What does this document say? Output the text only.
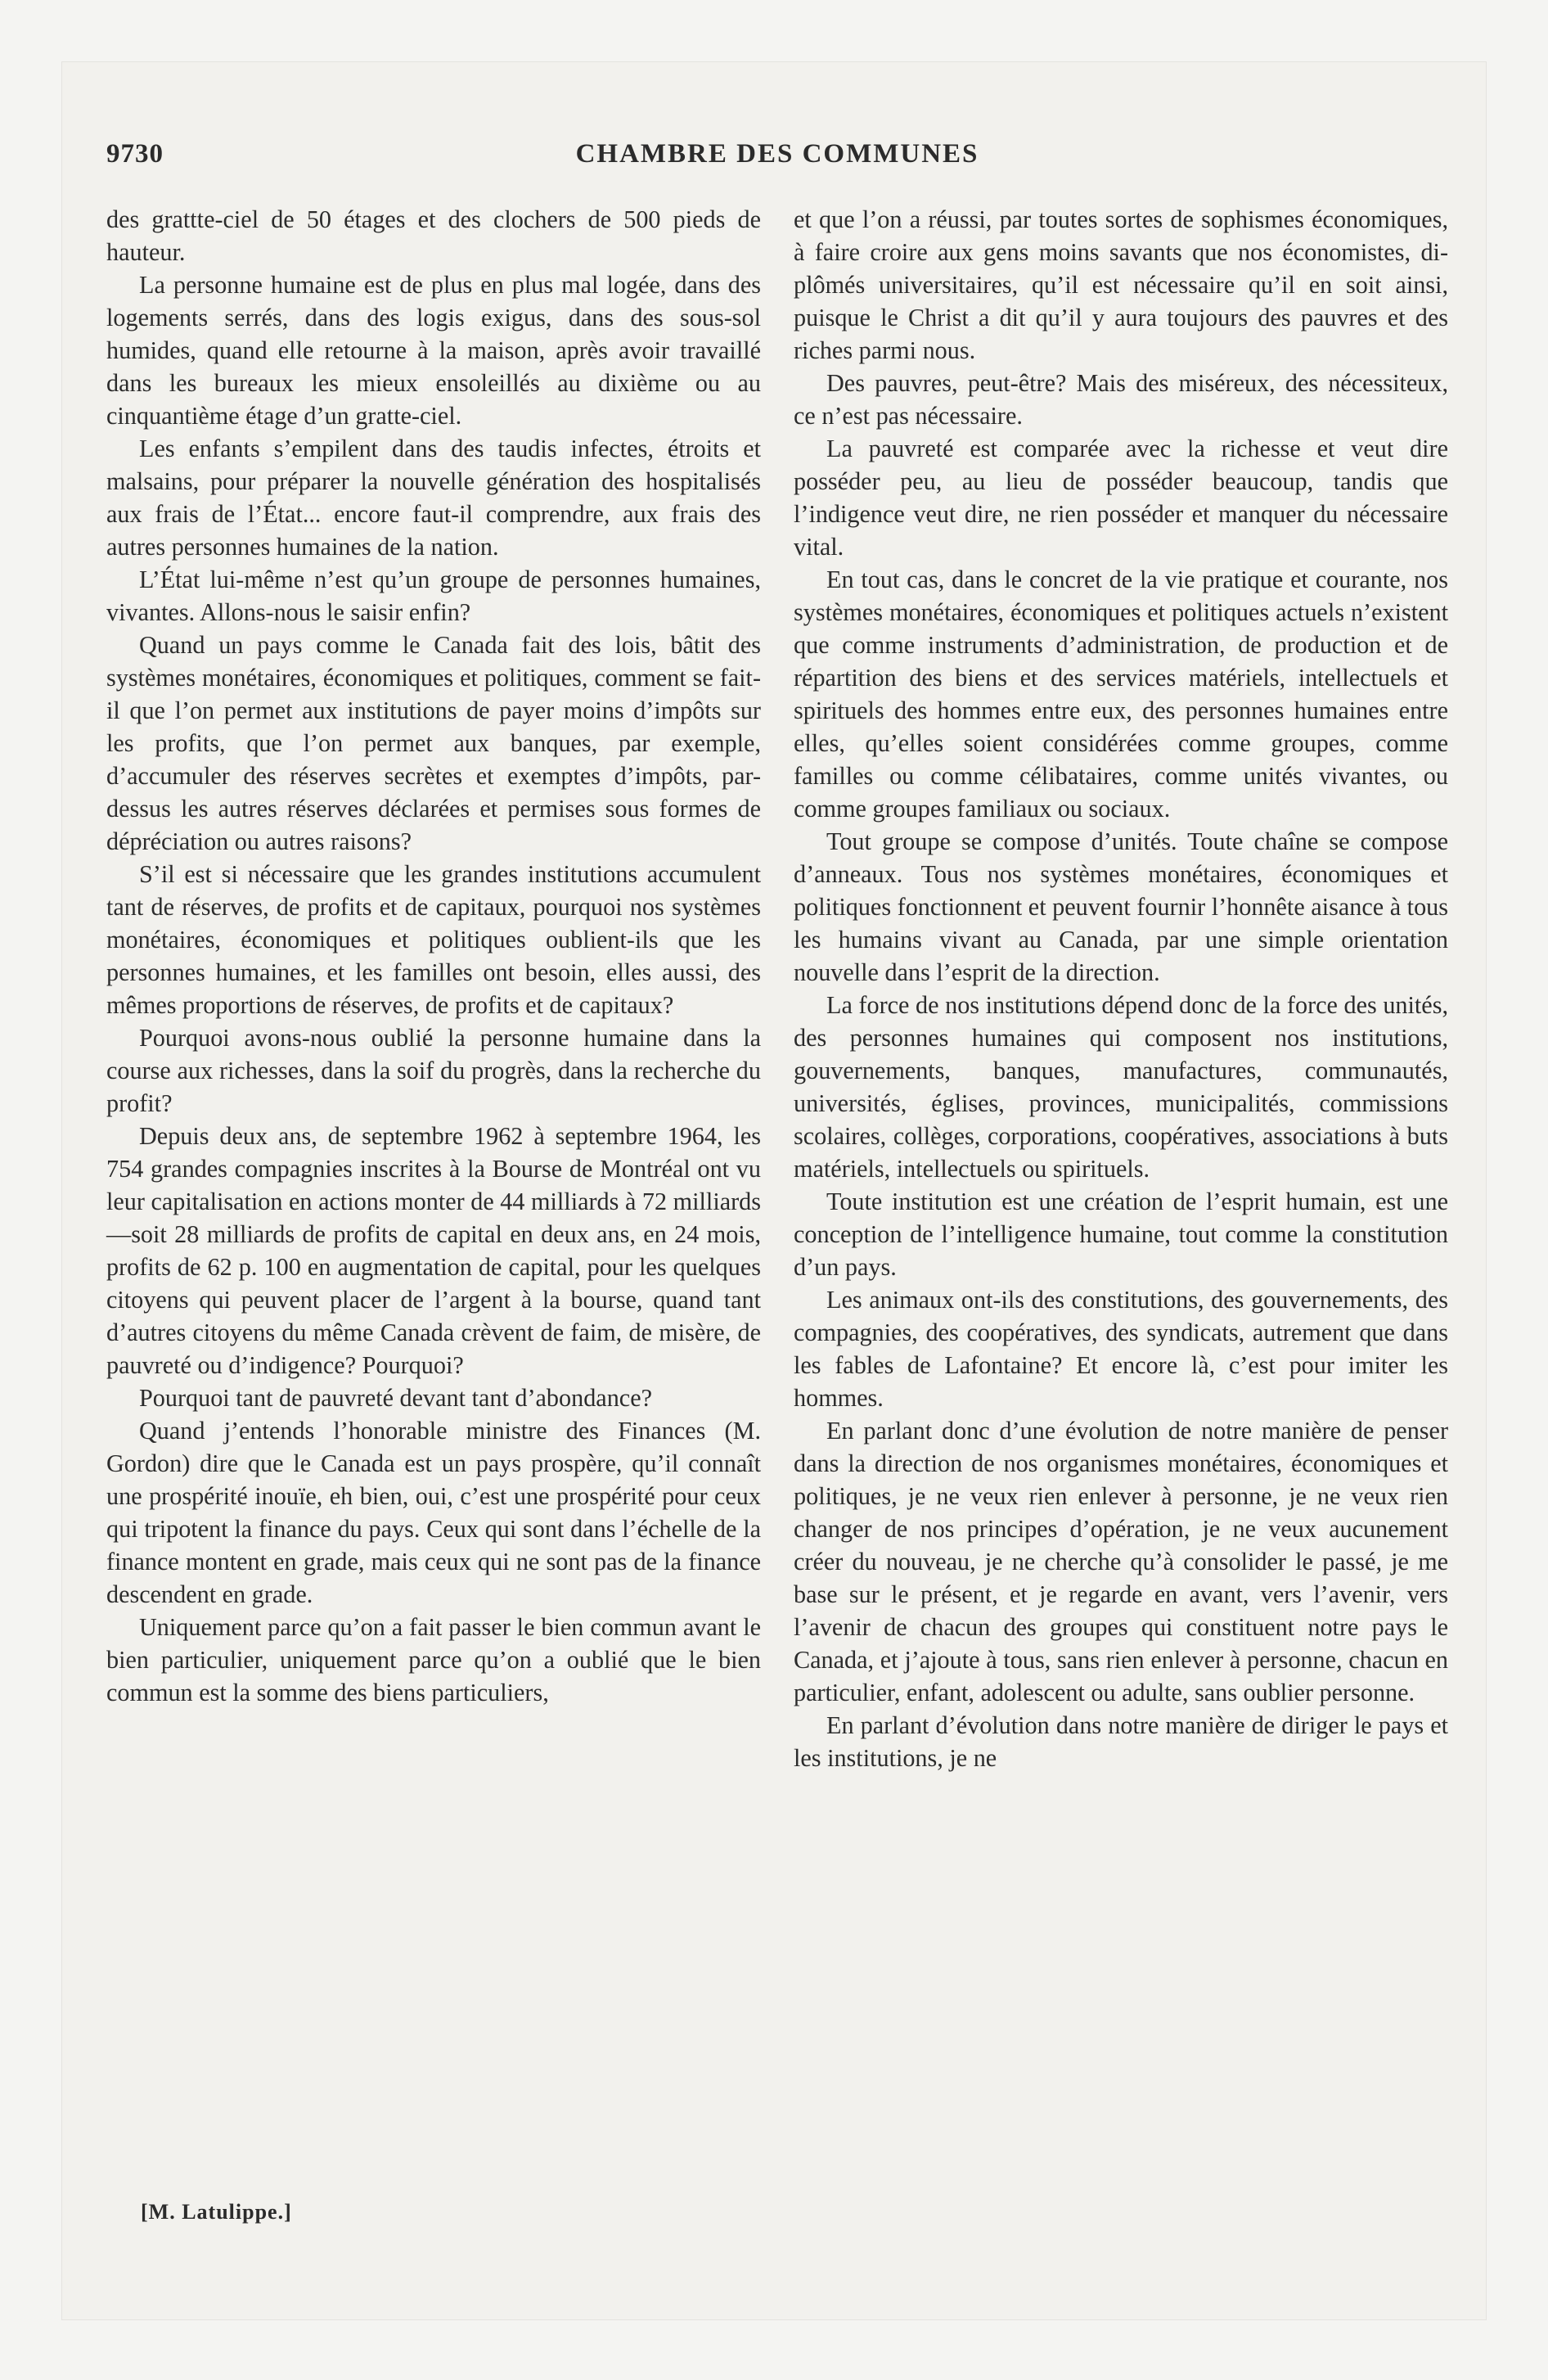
9730	CHAMBRE DES COMMUNES

des grattte-ciel de 50 étages et des clochers de 500 pieds de hauteur.

La personne humaine est de plus en plus mal logée, dans des logements serrés, dans des logis exigus, dans des sous-sol humides, quand elle retourne à la maison, après avoir travaillé dans les bureaux les mieux ensoleillés au dixième ou au cinquantième étage d’un gratte-ciel.

Les enfants s’empilent dans des taudis infectes, étroits et malsains, pour préparer la nouvelle génération des hospitalisés aux frais de l’État... encore faut-il comprendre, aux frais des autres personnes humaines de la nation.

L’État lui-même n’est qu’un groupe de personnes humaines, vivantes. Allons-nous le saisir enfin?

Quand un pays comme le Canada fait des lois, bâtit des systèmes monétaires, économiques et politiques, comment se fait-il que l’on permet aux institutions de payer moins d’impôts sur les profits, que l’on permet aux banques, par exemple, d’accumuler des réserves secrètes et exemptes d’impôts, par-dessus les autres réserves déclarées et permises sous formes de dépréciation ou autres raisons?

S’il est si nécessaire que les grandes institutions accumulent tant de réserves, de profits et de capitaux, pourquoi nos systèmes monétaires, économiques et politiques oublient-ils que les personnes humaines, et les familles ont besoin, elles aussi, des mêmes proportions de réserves, de profits et de capitaux?

Pourquoi avons-nous oublié la personne humaine dans la course aux richesses, dans la soif du progrès, dans la recherche du profit?

Depuis deux ans, de septembre 1962 à septembre 1964, les 754 grandes compagnies inscrites à la Bourse de Montréal ont vu leur capitalisation en actions monter de 44 milliards à 72 milliards—soit 28 milliards de profits de capital en deux ans, en 24 mois, profits de 62 p. 100 en augmentation de capital, pour les quelques citoyens qui peuvent placer de l’argent à la bourse, quand tant d’autres citoyens du même Canada crèvent de faim, de misère, de pauvreté ou d’indigence? Pourquoi?

Pourquoi tant de pauvreté devant tant d’abondance?

Quand j’entends l’honorable ministre des Finances (M. Gordon) dire que le Canada est un pays prospère, qu’il connaît une prospérité inouïe, eh bien, oui, c’est une prospérité pour ceux qui tripotent la finance du pays. Ceux qui sont dans l’échelle de la finance montent en grade, mais ceux qui ne sont pas de la finance descendent en grade.

Uniquement parce qu’on a fait passer le bien commun avant le bien particulier, uniquement parce qu’on a oublié que le bien commun est la somme des biens particuliers,

et que l’on a réussi, par toutes sortes de sophismes économiques, à faire croire aux gens moins savants que nos économistes, diplômés universitaires, qu’il est nécessaire qu’il en soit ainsi, puisque le Christ a dit qu’il y aura toujours des pauvres et des riches parmi nous.

Des pauvres, peut-être? Mais des miséreux, des nécessiteux, ce n’est pas nécessaire.

La pauvreté est comparée avec la richesse et veut dire posséder peu, au lieu de posséder beaucoup, tandis que l’indigence veut dire, ne rien posséder et manquer du nécessaire vital.

En tout cas, dans le concret de la vie pratique et courante, nos systèmes monétaires, économiques et politiques actuels n’existent que comme instruments d’administration, de production et de répartition des biens et des services matériels, intellectuels et spirituels des hommes entre eux, des personnes humaines entre elles, qu’elles soient considérées comme groupes, comme familles ou comme célibataires, comme unités vivantes, ou comme groupes familiaux ou sociaux.

Tout groupe se compose d’unités. Toute chaîne se compose d’anneaux. Tous nos systèmes monétaires, économiques et politiques fonctionnent et peuvent fournir l’honnête aisance à tous les humains vivant au Canada, par une simple orientation nouvelle dans l’esprit de la direction.

La force de nos institutions dépend donc de la force des unités, des personnes humaines qui composent nos institutions, gouvernements, banques, manufactures, communautés, universités, églises, provinces, municipalités, commissions scolaires, collèges, corporations, coopératives, associations à buts matériels, intellectuels ou spirituels.

Toute institution est une création de l’esprit humain, est une conception de l’intelligence humaine, tout comme la constitution d’un pays.

Les animaux ont-ils des constitutions, des gouvernements, des compagnies, des coopératives, des syndicats, autrement que dans les fables de Lafontaine? Et encore là, c’est pour imiter les hommes.

En parlant donc d’une évolution de notre manière de penser dans la direction de nos organismes monétaires, économiques et politiques, je ne veux rien enlever à personne, je ne veux rien changer de nos principes d’opération, je ne veux aucunement créer du nouveau, je ne cherche qu’à consolider le passé, je me base sur le présent, et je regarde en avant, vers l’avenir, vers l’avenir de chacun des groupes qui constituent notre pays le Canada, et j’ajoute à tous, sans rien enlever à personne, chacun en particulier, enfant, adolescent ou adulte, sans oublier personne.

En parlant d’évolution dans notre manière de diriger le pays et les institutions, je ne

[M. Latulippe.]
